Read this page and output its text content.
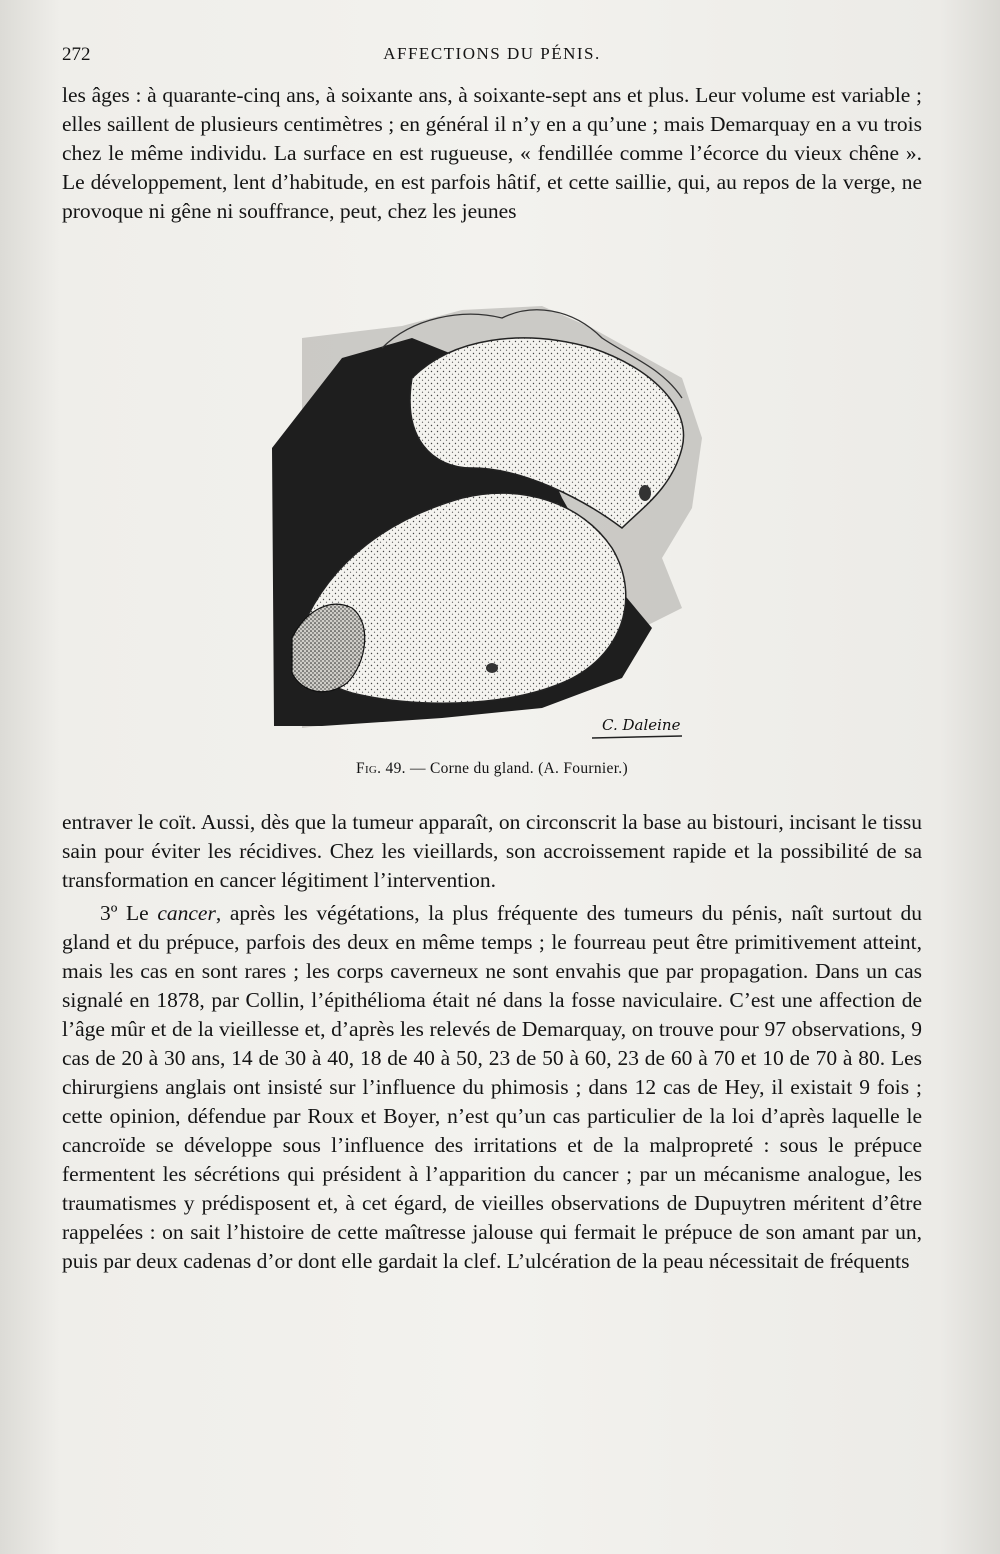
272	AFFECTIONS DU PÉNIS.

les âges : à quarante-cinq ans, à soixante ans, à soixante-sept ans et plus. Leur volume est variable ; elles saillent de plusieurs centimètres ; en général il n’y en a qu’une ; mais Demarquay en a vu trois chez le même individu. La surface en est rugueuse, « fendillée comme l’écorce du vieux chêne ». Le développement, lent d’habitude, en est parfois hâtif, et cette saillie, qui, au repos de la verge, ne provoque ni gêne ni souffrance, peut, chez les jeunes

C. Daleine
Fig. 49. — Corne du gland. (A. Fournier.)

entraver le coït. Aussi, dès que la tumeur apparaît, on circonscrit la base au bistouri, incisant le tissu sain pour éviter les récidives. Chez les vieillards, son accroissement rapide et la possibilité de sa transformation en cancer légitiment l’intervention.

3º Le cancer, après les végétations, la plus fréquente des tumeurs du pénis, naît surtout du gland et du prépuce, parfois des deux en même temps ; le fourreau peut être primitivement atteint, mais les cas en sont rares ; les corps caverneux ne sont envahis que par propagation. Dans un cas signalé en 1878, par Collin, l’épithélioma était né dans la fosse naviculaire. C’est une affection de l’âge mûr et de la vieillesse et, d’après les relevés de Demarquay, on trouve pour 97 observations, 9 cas de 20 à 30 ans, 14 de 30 à 40, 18 de 40 à 50, 23 de 50 à 60, 23 de 60 à 70 et 10 de 70 à 80. Les chirurgiens anglais ont insisté sur l’influence du phimosis ; dans 12 cas de Hey, il existait 9 fois ; cette opinion, défendue par Roux et Boyer, n’est qu’un cas particulier de la loi d’après laquelle le cancroïde se développe sous l’influence des irritations et de la malpropreté : sous le prépuce fermentent les sécrétions qui président à l’apparition du cancer ; par un mécanisme analogue, les traumatismes y prédisposent et, à cet égard, de vieilles observations de Dupuytren méritent d’être rappelées : on sait l’histoire de cette maîtresse jalouse qui fermait le prépuce de son amant par un, puis par deux cadenas d’or dont elle gardait la clef. L’ulcération de la peau nécessitait de fréquents
